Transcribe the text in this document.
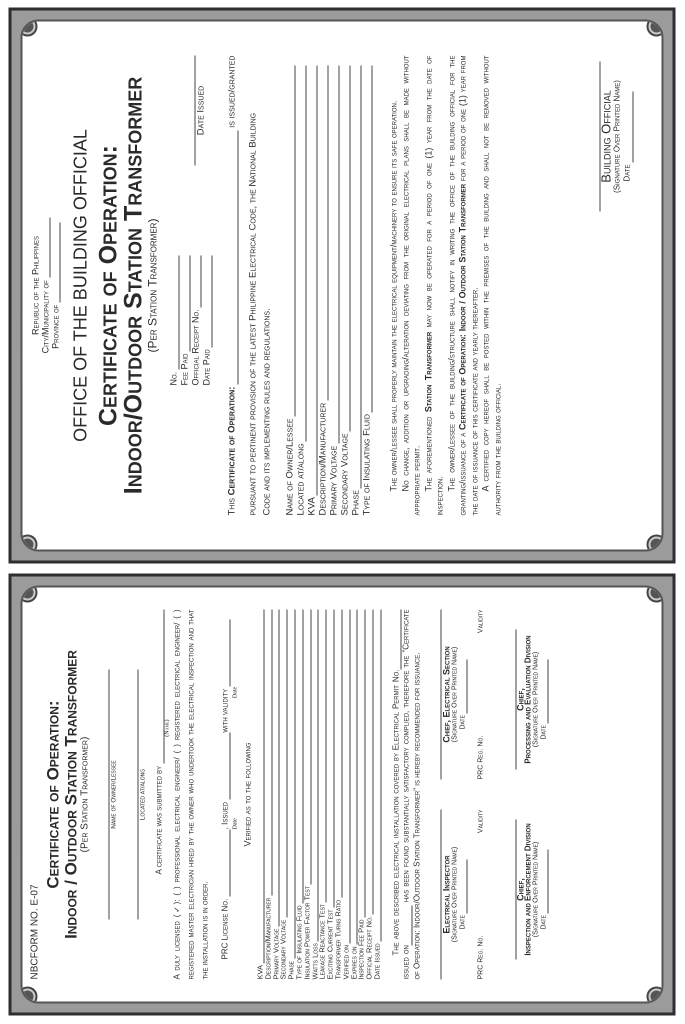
Republic of the Philippines City/Municipality of Province of OFFICE OF THE BUILDING OFFICIAL Certificate of Operation:
Indoor/Outdoor Station Transformer
(Per Station Transformer)
No. Fee Paid Official Receipt No. Date Paid
Date Issued
This

Certificate of Operation:

is issued/granted
pursuant to pertinent provision of the latest Philippine Electrical Code, the National Building Code and its implementing rules and regulations. Name of Owner/Lessee Located at/along KVA Description/Manufacturer Primary Voltage Secondary Voltage Phase Type of Insulating Fluid The owner/lessee shall properly maintain the electrical equipment/machinery to ensure its safe operation. No change, addition or upgrading/alteration deviating from the original electrical plans shall be made without appropriate permit. The aforementioned Station Transformer may now be operated for a period of one (1) year from the date of inspection.
The owner/lessee of the building/structure shall notify in writing the office of the building official for the granting/issuance of a Certificate of Operation: Indoor / Outdoor Station Transformer for a period of one (1) year from the date of issuance of this certificate and yearly thereafter. A certified copy hereof shall be posted within the premises of the building and shall not be removed without authority from the building official.
Building Official (Signature Over Printed Name) Date
NBCFORM NO. E-07
Certificate of Operation: Indoor / Outdoor Station Transformer (Per Station Transformer)	Name of Owner/Lessee	Located at/along A certificate was submitted by
(Name) A duly licensed (✓): ( ) professional electrical engineer/ ( ) registered electrical engineer/ ( ) registered master electrician hired by the owner who undertook the electrical inspection and that the installation is in order.	PRC License No.
, Issued
with validity
Date
Date
Verified as to the following
KVA
Description/Manufacturer
Primary Voltage
Secondary Voltage
Phase
Type of Insulating Fluid
Insulation Power Factor Test
Watts Loss
Leakage Reactance Test
Exciting Current Test
Transformer Turns Ratio
Verified on
Expires on
Inspection Fee Paid
Official Receipt No.
Date Issued
The above described electrical installation covered by Electrical Permit No. issued on has been found substantially satisfactory complied, therefore the "Certificate of Operation: Indoor/Outdoor Station Transformer" is hereby recommended for issuance. Electrical Inspector (Signature Over Printed Name) Date
PRC Reg. No.
Validity
Chief, Electrical Section (Signature Over Printed Name) Date
PRC Reg. No.
Validity
Chief,
Inspection and Enforcement Division (Signature Over Printed Name) Date
Chief,
Processing and Evaluation Division (Signature Over Printed Name) Date
